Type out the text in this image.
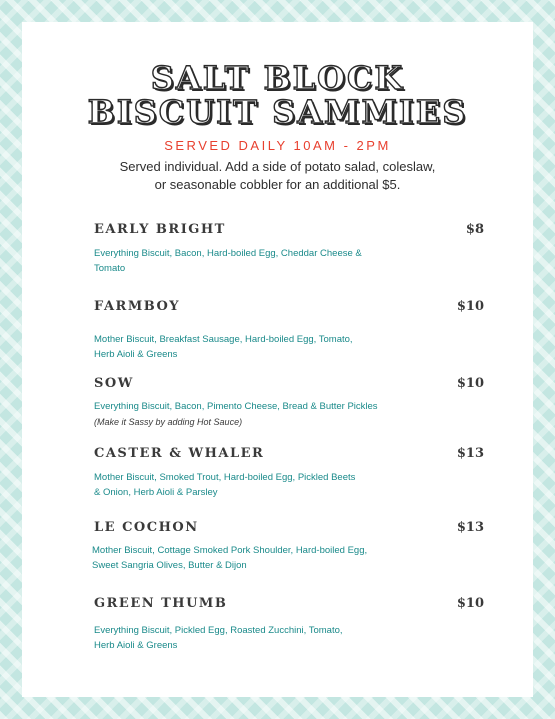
SALT BLOCK
BISCUIT SAMMIES
SERVED DAILY 10AM - 2PM
Served individual. Add a side of potato salad, coleslaw,
or seasonable cobbler for an additional $5.
EARLY BRIGHT	$8
Everything Biscuit, Bacon, Hard-boiled Egg, Cheddar Cheese &
Tomato
FARMBOY	$10
Mother Biscuit, Breakfast Sausage, Hard-boiled Egg, Tomato,
Herb Aioli & Greens
SOW	$10
Everything Biscuit, Bacon, Pimento Cheese, Bread & Butter Pickles
(Make it Sassy by adding Hot Sauce)
CASTER & WHALER	$13
Mother Biscuit, Smoked Trout, Hard-boiled Egg, Pickled Beets
& Onion, Herb Aioli & Parsley
LE COCHON	$13
Mother Biscuit, Cottage Smoked Pork Shoulder, Hard-boiled Egg,
Sweet Sangria Olives, Butter & Dijon
GREEN THUMB	$10
Everything Biscuit, Pickled Egg, Roasted Zucchini, Tomato,
Herb Aioli & Greens
